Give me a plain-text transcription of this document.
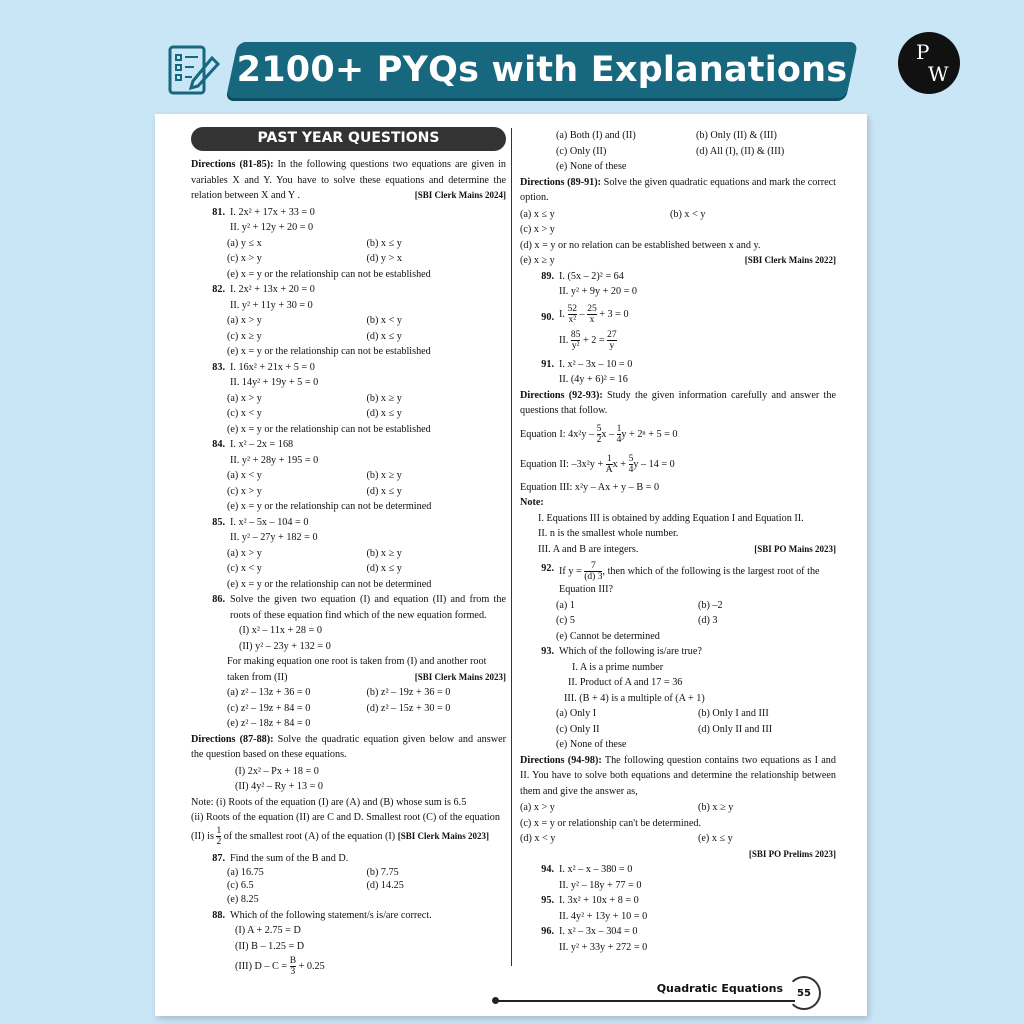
2100+ PYQs with Explanations	P
W
PAST YEAR QUESTIONS
Directions (81-85): In the following questions two equations are given in variables X and Y. You have to solve these equations and determine the relation between X and Y .	[SBI Clerk Mains 2024]
81. I. 2x² + 17x + 33 = 0
II. y² + 12y + 20 = 0
(a) y ≤ x	(b) x ≤ y
(c) x > y	(d) y > x
(e) x = y or the relationship can not be established
82. I. 2x² + 13x + 20 = 0
II. y² + 11y + 30 = 0
(a) x > y	(b) x < y
(c) x ≥ y	(d) x ≤ y
(e) x = y or the relationship can not be established
83. I. 16x² + 21x + 5 = 0
II. 14y² + 19y + 5 = 0
(a) x > y	(b) x ≥ y
(c) x < y	(d) x ≤ y
(e) x = y or the relationship can not be established
84. I. x² – 2x = 168
II. y² + 28y + 195 = 0
(a) x < y	(b) x ≥ y
(c) x > y	(d) x ≤ y
(e) x = y or the relationship can not be determined
85. I. x² – 5x – 104 = 0
II. y² – 27y + 182 = 0
(a) x > y	(b) x ≥ y
(c) x < y	(d) x ≤ y
(e) x = y or the relationship can not be determined
86. Solve the given two equation (I) and equation (II) and from the roots of these equation find which of the new equation formed.
(I) x² – 11x + 28 = 0
(II) y² – 23y + 132 = 0
For making equation one root is taken from (I) and another root taken from (II)	[SBI Clerk Mains 2023]
(a) z² – 13z + 36 = 0	(b) z² – 19z + 36 = 0
(c) z² – 19z + 84 = 0	(d) z² – 15z + 30 = 0
(e) z² – 18z + 84 = 0
Directions (87-88): Solve the quadratic equation given below and answer the question based on these equations.
(I) 2x² – Px + 18 = 0
(II) 4y² – Ry + 13 = 0
Note: (i) Roots of the equation (I) are (A) and (B) whose sum is 6.5
(ii) Roots of the equation (II) are C and D. Smallest root (C) of the equation
(II) is $\frac{1}{2}$ of the smallest root (A) of the equation (I) [SBI Clerk Mains 2023]
87. Find the sum of the B and D.
(a) 16.75	(b) 7.75
(c) 6.5	(d) 14.25
(e) 8.25
88. Which of the following statement/s is/are correct.
(I) A + 2.75 = D
(II) B – 1.25 = D
(III) $D - C = \frac{B}{3} + 0.25$
(a) Both (I) and (II)	(b) Only (II) & (III)
(c) Only (II)	(d) All (I), (II) & (III)
(e) None of these
Directions (89-91): Solve the given quadratic equations and mark the correct option.
(a) x ≤ y	(b) x < y
(c) x > y
(d) x = y or no relation can be established between x and y.
(e) x ≥ y	[SBI Clerk Mains 2022]
89. I. (5x – 2)² = 64
II. y² + 9y + 20 = 0
90. I. $\frac{52}{\text{x²}} - \frac{25}{x} + 3 = 0$
II. $\frac{85}{\text{y²}} + 2 = \frac{27}{y}$
91. I. x² – 3x – 10 = 0
II. (4y + 6)² = 16
Directions (92-93): Study the given information carefully and answer the questions that follow.
Equation I: $4x^2y - \frac{5}{2}$ x – $\frac{1}{4}$ y + 2ⁿ + 5 = 0
Equation II: $-3x^2y + \frac{1}{A}$ $x + \frac{5}{4}$ y – 14 = 0
Equation III: x²y – Ax + y – B = 0
Note:
I. Equations III is obtained by adding Equation I and Equation II.
II. n is the smallest whole number.
III. A and B are integers.	[SBI PO Mains 2023]
92. If $y = \frac{7}{(d) 3}$ , then which of the following is the largest root of the
Equation III?
(a) 1	(b) –2
(c) 5	(d) 3
(e) Cannot be determined
93. Which of the following is/are true?
I. A is a prime number
II. Product of A and 17 = 36
III. (B + 4) is a multiple of (A + 1)
(a) Only I	(b) Only I and III
(c) Only II	(d) Only II and III
(e) None of these
Directions (94-98): The following question contains two equations as I and II. You have to solve both equations and determine the relationship between them and give the answer as,
(a) x > y	(b) x ≥ y
(c) x = y or relationship can't be determined.
(d) x < y	(e) x ≤ y
[SBI PO Prelims 2023]
94. I. x² – x – 380 = 0
II. y² – 18y + 77 = 0
95. I. 3x² + 10x + 8 = 0
II. 4y² + 13y + 10 = 0
96. I. x² – 3x – 304 = 0
II. y² + 33y + 272 = 0
Quadratic Equations	55
